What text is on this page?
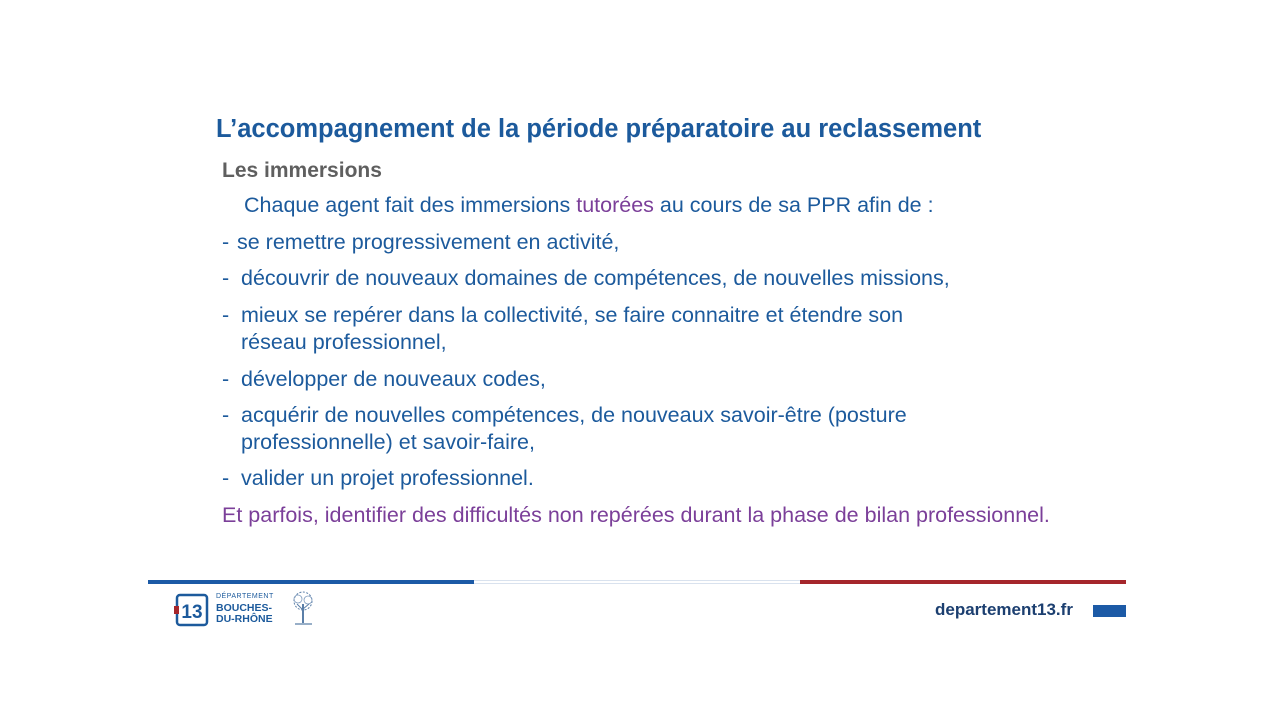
L’accompagnement de la période préparatoire au reclassement
Les immersions

Chaque agent fait des immersions tutorées au cours de sa PPR afin de :

- se remettre progressivement en activité,
- découvrir de nouveaux domaines de compétences, de nouvelles missions,
- mieux se repérer dans la collectivité, se faire connaitre et étendre son
réseau professionnel,
- développer de nouveaux codes,
- acquérir de nouvelles compétences, de nouveaux savoir-être (posture
professionnelle) et savoir-faire,
- valider un projet professionnel.

Et parfois, identifier des difficultés non repérées durant la phase de bilan professionnel.

13
DÉPARTEMENT
BOUCHES-
DU-RHÔNE	departement13.fr
